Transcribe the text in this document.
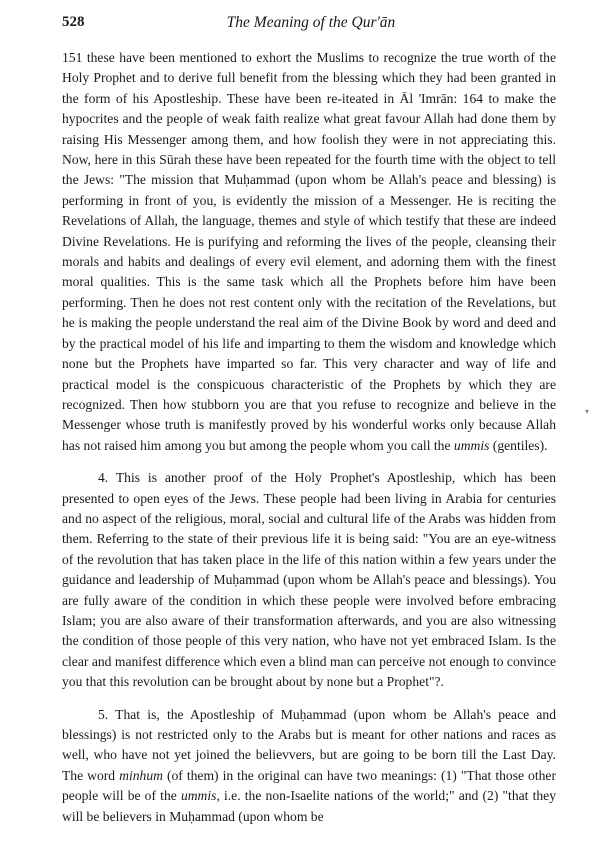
528	The Meaning of the Qur'ān

151 these have been mentioned to exhort the Muslims to recognize the true worth of the Holy Prophet and to derive full benefit from the blessing which they had been granted in the form of his Apostleship. These have been re-iteated in Āl 'Imrān: 164 to make the hypocrites and the people of weak faith realize what great favour Allah had done them by raising His Messenger among them, and how foolish they were in not appreciating this. Now, here in this Sūrah these have been repeated for the fourth time with the object to tell the Jews: "The mission that Muḥammad (upon whom be Allah's peace and blessing) is performing in front of you, is evidently the mission of a Messenger. He is reciting the Revelations of Allah, the language, themes and style of which testify that these are indeed Divine Revelations. He is purifying and reforming the lives of the people, cleansing their morals and habits and dealings of every evil element, and adorning them with the finest moral qualities. This is the same task which all the Prophets before him have been performing. Then he does not rest content only with the recitation of the Revelations, but he is making the people understand the real aim of the Divine Book by word and deed and by the practical model of his life and imparting to them the wisdom and knowledge which none but the Prophets have imparted so far. This very character and way of life and practical model is the conspicuous characteristic of the Prophets by which they are recognized. Then how stubborn you are that you refuse to recognize and believe in the Messenger whose truth is manifestly proved by his wonderful works only because Allah has not raised him among you but among the people whom you call the ummis (gentiles).

4. This is another proof of the Holy Prophet's Apostleship, which has been presented to open eyes of the Jews. These people had been living in Arabia for centuries and no aspect of the religious, moral, social and cultural life of the Arabs was hidden from them. Referring to the state of their previous life it is being said: "You are an eye-witness of the revolution that has taken place in the life of this nation within a few years under the guidance and leadership of Muḥammad (upon whom be Allah's peace and blessings). You are fully aware of the condition in which these people were involved before embracing Islam; you are also aware of their transformation afterwards, and you are also witnessing the condition of those people of this very nation, who have not yet embraced Islam. Is the clear and manifest difference which even a blind man can perceive not enough to convince you that this revolution can be brought about by none but a Prophet"?.

5. That is, the Apostleship of Muḥammad (upon whom be Allah's peace and blessings) is not restricted only to the Arabs but is meant for other nations and races as well, who have not yet joined the believvers, but are going to be born till the Last Day. The word minhum (of them) in the original can have two meanings: (1) "That those other people will be of the ummis, i.e. the non-Isaelite nations of the world;" and (2) "that they will be believers in Muḥammad (upon whom be

▾
